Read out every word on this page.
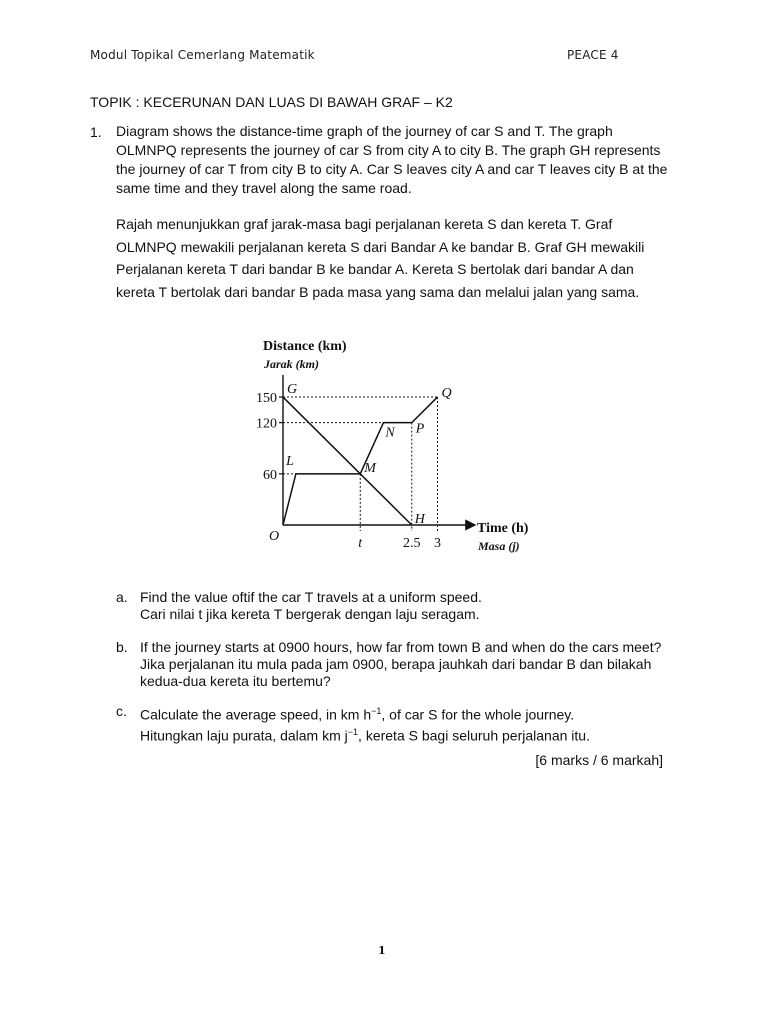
Modul Topikal Cemerlang Matematik	PEACE 4
TOPIK : KECERUNAN DAN LUAS DI BAWAH GRAF – K2
1. Diagram shows the distance-time graph of the journey of car S and T. The graph OLMNPQ represents the journey of car S from city A to city B. The graph GH represents the journey of car T from city B to city A. Car S leaves city A and car T leaves city B at the same time and they travel along the same road.
Rajah menunjukkan graf jarak-masa bagi perjalanan kereta S dan kereta T. Graf OLMNPQ mewakili perjalanan kereta S dari Bandar A ke bandar B. Graf GH mewakili Perjalanan kereta T dari bandar B ke bandar A. Kereta S bertolak dari bandar A dan kereta T bertolak dari bandar B pada masa yang sama dan melalui jalan yang sama.
Distance (km)
Jarak (km)
Time (h)
Masa (j)
O
150
120
60
t	2.5 3
L	M
N P
Q
G
H
a. Find the value oftif the car T travels at a uniform speed.
Cari nilai t jika kereta T bergerak dengan laju seragam.
b. If the journey starts at 0900 hours, how far from town B and when do the cars meet?
Jika perjalanan itu mula pada jam 0900, berapa jauhkah dari bandar B dan bilakah kedua-dua kereta itu bertemu?
c. Calculate the average speed, in km $h^{-1}$, of car S for the whole journey.
Hitungkan laju purata, dalam km $j^{-1}$, kereta S bagi seluruh perjalanan itu.
[6 marks / 6 markah]
1
